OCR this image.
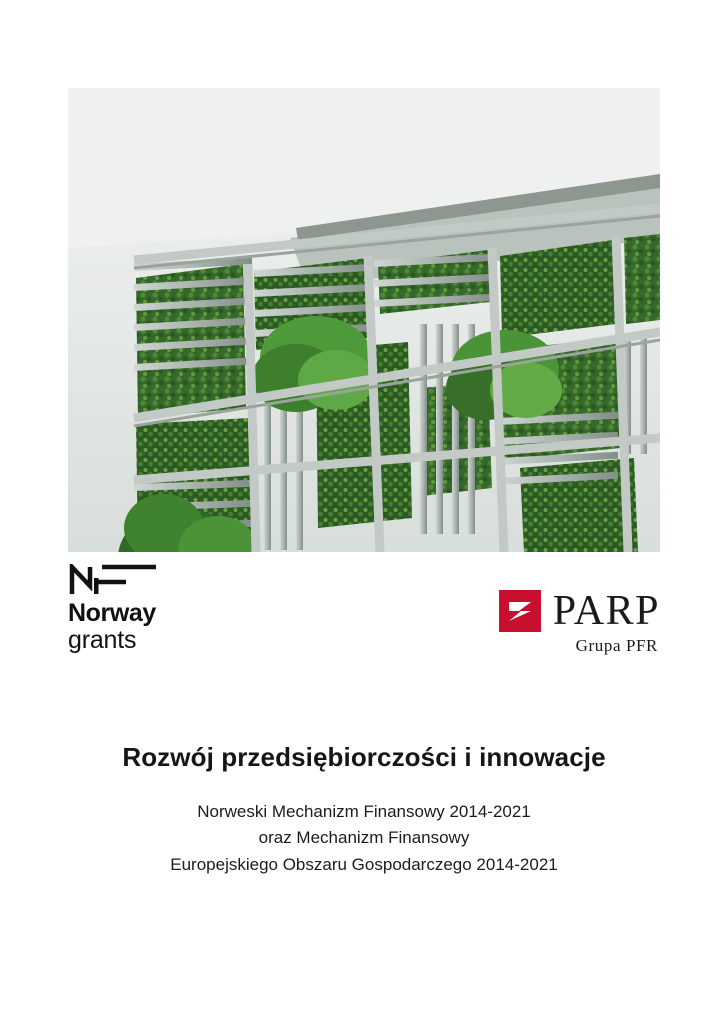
Norway
grants
PARP
Grupa PFR
Rozwój przedsiębiorczości i innowacje
Norweski Mechanizm Finansowy 2014-2021
oraz Mechanizm Finansowy
Europejskiego Obszaru Gospodarczego 2014-2021
